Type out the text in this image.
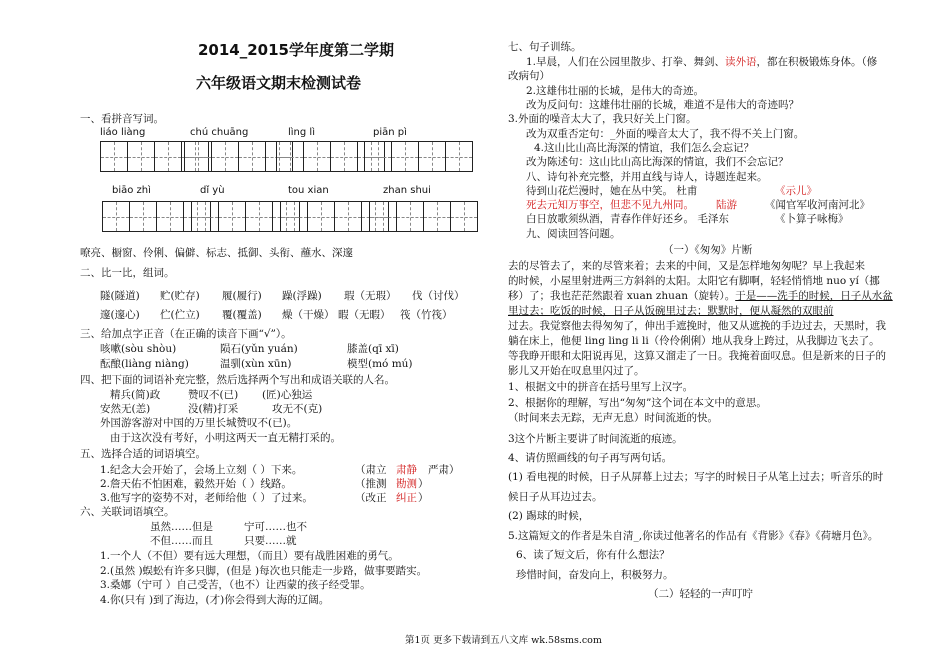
2014_2015学年度第二学期
六年级语文期末检测试卷
一、看拼音写词。
liáo liàng	chú chuāng	lìng lì	piān pì
biāo zhì	dǐ yù	tou xian	zhan shui
嘹亮、橱窗、伶俐、偏僻、标志、抵御、头衔、蘸水、深邃
二、比一比，组词。
隧(隧道) 贮(贮存) 履(履行) 躁(浮躁) 瑕（无瑕） 伐（讨伐）
邃(邃心) 伫(伫立) 覆(覆盖) 燥（干燥） 暇（无暇） 筏（竹筏）
三、给加点字正音（在正确的读音下画“√”）。
咳嗽(sòu shòu)	陨石(yǔn yuán)	膝盖(qī xī)
酝酿(liàng niàng)	温驯(xùn xūn)	模型(mó mú)
四、把下面的词语补充完整，然后选择两个写出和成语关联的人名。
精兵(简)政	赞叹不(已) (匠)心独运
安然无(恙)	没(精)打采	攻无不(克)
外国游客游对中国的万里长城赞叹不(已)。
由于这次没有考好，小明这两天一直无精打采的。
五、选择合适的词语填空。
1.纪念大会开始了，会场上立刻（ ）下来。	（肃立 肃静 严肃）
2.詹天佑不怕困难，毅然开始（ ）线路。	（推测 勘测 ）
3.他写字的姿势不对，老师给他（ ）了过来。	（改正 纠正 ）
六、关联词语填空。
虽然……但是	宁可……也不
不但……而且	只要……就
1.一个人（不但）要有远大理想，（而且）要有战胜困难的勇气。
2.(虽然 )蜈蚣有许多只脚，(但是 )每次也只能走一步路，做事要踏实。
3.桑娜（宁可 ）自己受苦，（也不）让西蒙的孩子经受罪。
4.你(只有 )到了海边，(才)你会得到大海的辽阔。
七、句子训练。
1.早晨，人们在公园里散步、打拳、舞剑、读外语，都在积极锻炼身体。（修
改病句）
2.这雄伟壮丽的长城，是伟大的奇迹。
改为反问句：这雄伟壮丽的长城，难道不是伟大的奇迹吗？
3.外面的噪音太大了，我只好关上门窗。
改为双重否定句：_外面的噪音太大了，我不得不关上门窗。
4.这山比山高比海深的情谊，我们怎么会忘记？
改为陈述句：这山比山高比海深的情谊，我们不会忘记？
八、诗句补充完整，并用直线与诗人，诗题连起来。
待到山花烂漫时，她在丛中笑。 杜甫	《示儿》
死去元知万事空，但悲不见九州同。 陆游	《闻官军收河南河北》
白日放歌须纵酒，青春作伴好还乡。 毛泽东	《卜算子咏梅》
九、阅读回答问题。
（一）《匆匆》片断
去的尽管去了，来的尽管来着；去来的中间，又是怎样地匆匆呢？早上我起来
的时候，小屋里射进两三方斜斜的太阳。太阳它有脚啊，轻轻悄悄地 nuo yí（挪
移）了；我也茫茫然跟着 xuan zhuan（旋转）。于是——洗手的时候，日子从水盆
里过去；吃饭的时候，日子从饭碗里过去；默默时，便从凝然的双眼前
过去。我觉察他去得匆匆了，伸出手遮挽时，他又从遮挽的手边过去，天黑时，我
躺在床上，他便 ling ling li li（伶伶俐俐）地从我身上跨过，从我脚边飞去了。
等我睁开眼和太阳说再见，这算又溜走了一日。我掩着面叹息。但是新来的日子的
影儿又开始在叹息里闪过了。
1、根据文中的拼音在括号里写上汉字。
2、根据你的理解，写出“匆匆”这个词在本文中的意思。
（时间来去无踪，无声无息）时间流逝的快。
3这个片断主要讲了时间流逝的痕迹。
4、请仿照画线的句子再写两句话。
(1) 看电视的时候，日子从屏幕上过去；写字的时候日子从笔上过去；听音乐的时
候日子从耳边过去。
(2) 踢球的时候，
5.这篇短文的作者是朱自清_,你读过他著名的作品有《背影》《春》《荷塘月色》。
6、读了短文后，你有什么想法？
珍惜时间，奋发向上，积极努力。
（二）轻轻的一声叮咛
第1页 更多下载请到五八文库 wk.58sms.com
